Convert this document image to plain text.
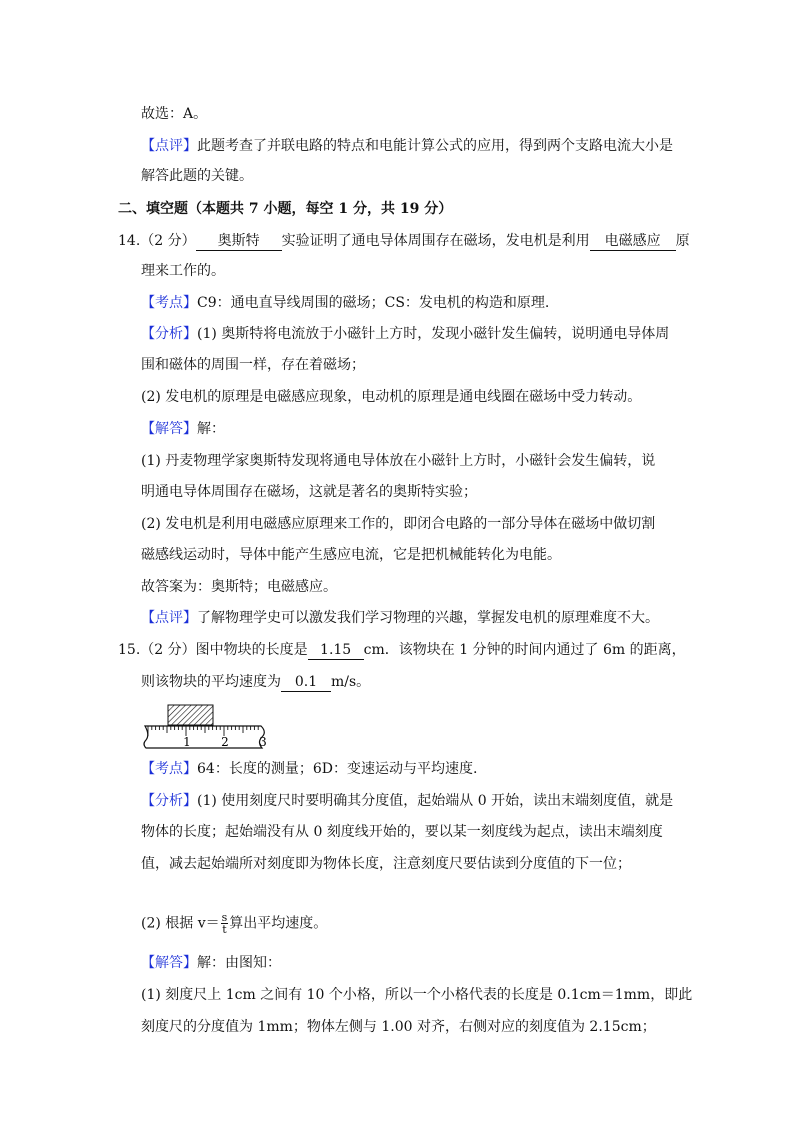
故选：A。
【点评】此题考查了并联电路的特点和电能计算公式的应用，得到两个支路电流大小是
解答此题的关键。
二、填空题（本题共 7 小题，每空 1 分，共 19 分）
14.（2 分） 奥斯特 实验证明了通电导体周围存在磁场，发电机是利用 电磁感应 原
理来工作的。
【考点】C9：通电直导线周围的磁场；CS：发电机的构造和原理.
【分析】(1) 奥斯特将电流放于小磁针上方时，发现小磁针发生偏转，说明通电导体周
围和磁体的周围一样，存在着磁场；
(2) 发电机的原理是电磁感应现象，电动机的原理是通电线圈在磁场中受力转动。
【解答】解：
(1) 丹麦物理学家奥斯特发现将通电导体放在小磁针上方时，小磁针会发生偏转，说
明通电导体周围存在磁场，这就是著名的奥斯特实验；
(2) 发电机是利用电磁感应原理来工作的，即闭合电路的一部分导体在磁场中做切割
磁感线运动时，导体中能产生感应电流，它是把机械能转化为电能。
故答案为：奥斯特；电磁感应。
【点评】了解物理学史可以激发我们学习物理的兴趣，掌握发电机的原理难度不大。
15.（2 分）图中物块的长度是 1.15 cm．该物块在 1 分钟的时间内通过了 6m 的距离，
则该物块的平均速度为 0.1 m/s。
1	2	3
【考点】64：长度的测量；6D：变速运动与平均速度.
【分析】(1) 使用刻度尺时要明确其分度值，起始端从 0 开始，读出末端刻度值，就是
物体的长度；起始端没有从 0 刻度线开始的，要以某一刻度线为起点，读出末端刻度
值，减去起始端所对刻度即为物体长度，注意刻度尺要估读到分度值的下一位；
(2) 根据 $v= \frac{s}{t}$ 算出平均速度。
【解答】解：由图知：
(1) 刻度尺上 1cm 之间有 10 个小格，所以一个小格代表的长度是 0.1cm＝1mm，即此
刻度尺的分度值为 1mm；物体左侧与 1.00 对齐，右侧对应的刻度值为 2.15cm；
